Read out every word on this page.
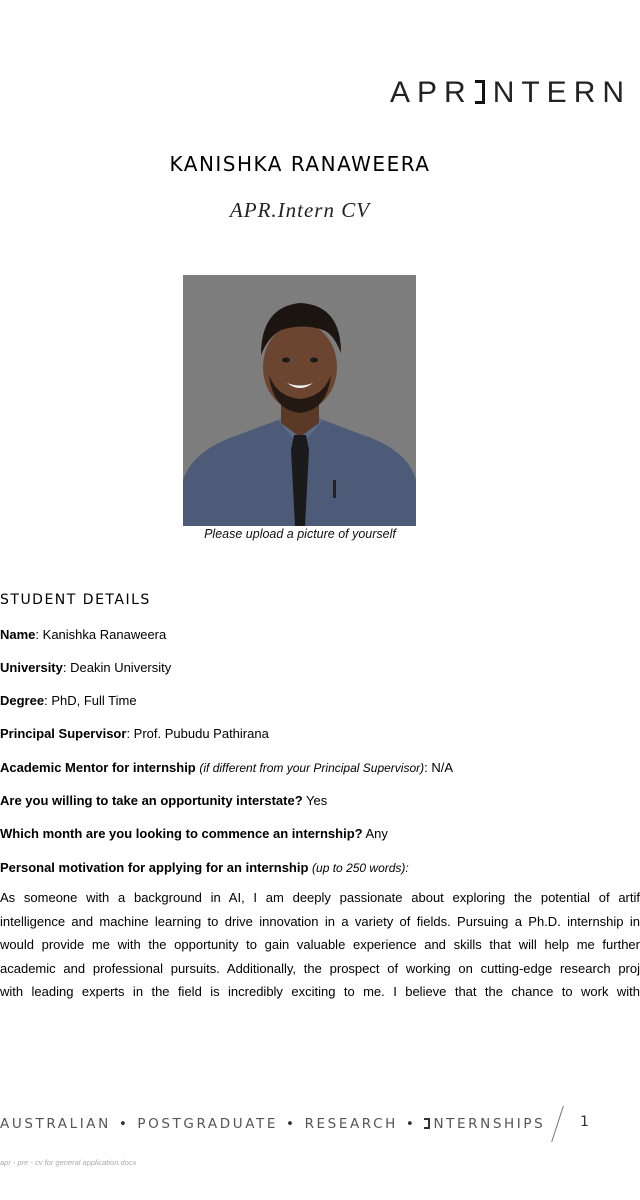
APR NTERN
KANISHKA RANAWEERA
APR.Intern CV
Please upload a picture of yourself
STUDENT DETAILS
Name: Kanishka Ranaweera
University: Deakin University
Degree: PhD, Full Time
Principal Supervisor: Prof. Pubudu Pathirana
Academic Mentor for internship (if different from your Principal Supervisor): N/A
Are you willing to take an opportunity interstate? Yes
Which month are you looking to commence an internship? Any
Personal motivation for applying for an internship (up to 250 words):
As someone with a background in AI, I am deeply passionate about exploring the potential of artif
intelligence and machine learning to drive innovation in a variety of fields. Pursuing a Ph.D. internship in
would provide me with the opportunity to gain valuable experience and skills that will help me further
academic and professional pursuits. Additionally, the prospect of working on cutting-edge research proj
with leading experts in the field is incredibly exciting to me. I believe that the chance to work with
AUSTRALIAN • POSTGRADUATE • RESEARCH • NTERNSHIPS 1
apr - pre - cv for general application.docx
